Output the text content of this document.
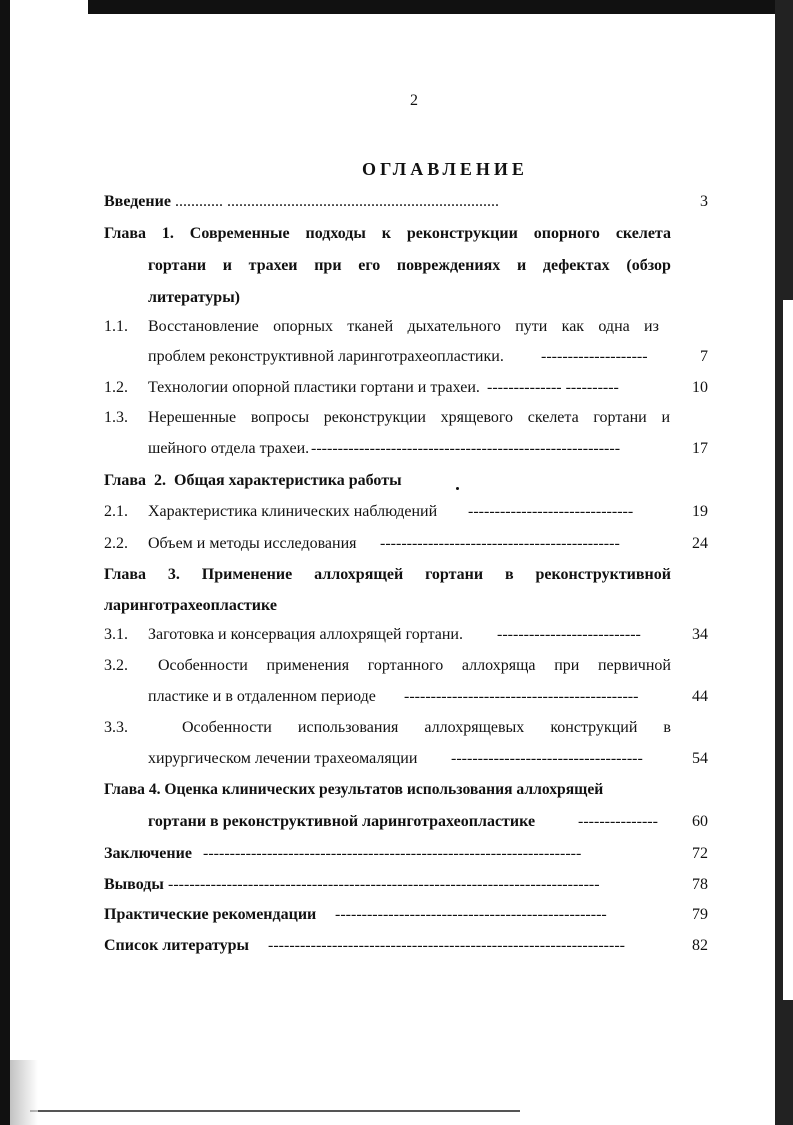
2
ОГЛАВЛЕНИЕ
Введение ............ ....................................................................	3
Глава 1. Современные подходы к реконструкции опорного скелета
гортани и трахеи при его повреждениях и дефектах (обзор
литературы)
1.1. Восстановление опорных тканей дыхательного пути как одна из
проблем реконструктивной ларинготрахеопластики. --------------------	7
1.2. Технологии опорной пластики гортани и трахеи. -------------- ----------	10
1.3. Нерешенные вопросы реконструкции хрящевого скелета гортани и
шейного отдела трахеи. ----------------------------------------------------------	17
Глава  2.  Общая характеристика работы
2.1. Характеристика клинических наблюдений -------------------------------	19
2.2. Объем и методы исследования ---------------------------------------------	24
Глава 3. Применение аллохрящей гортани в реконструктивной
ларинготрахеопластике
3.1. Заготовка и консервация аллохрящей гортани. ---------------------------	34
3.2. Особенности применения гортанного аллохряща при первичной
пластике и в отдаленном периоде --------------------------------------------	44
3.3.	Особенности использования аллохрящевых конструкций в
хирургическом лечении трахеомаляции ------------------------------------	54
Глава 4. Оценка клинических результатов использования аллохрящей
гортани в реконструктивной ларинготрахеопластике	---------------	60
Заключение -----------------------------------------------------------------------	72
Выводы ---------------------------------------------------------------------------------	78
Практические рекомендации ---------------------------------------------------	79
Список литературы -------------------------------------------------------------------	82
